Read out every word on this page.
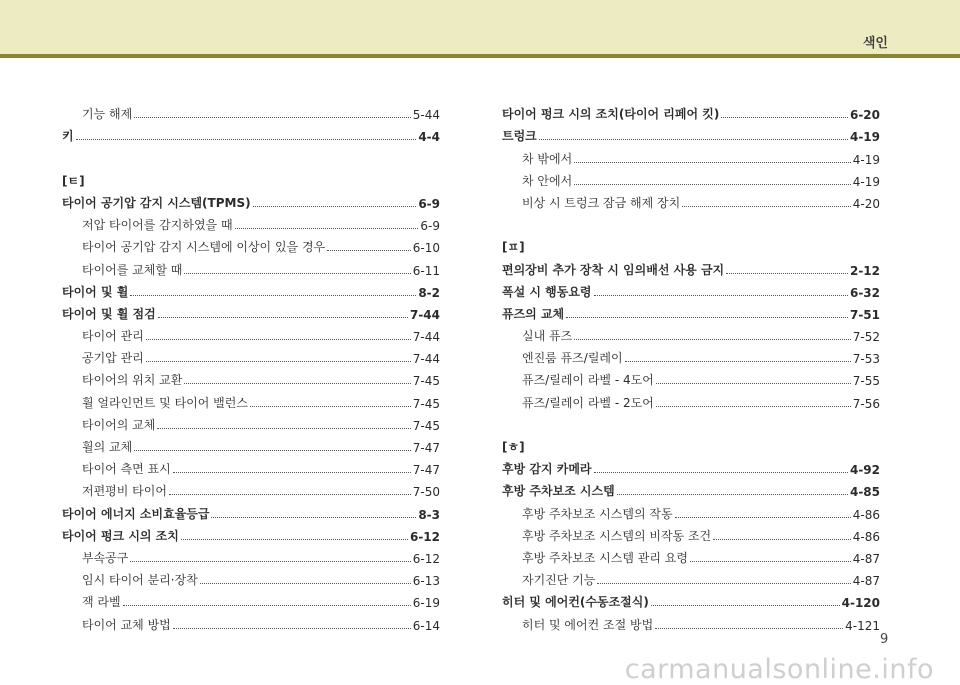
색인
기능 해제	5-44
키	4-4
[ㅌ]
타이어 공기압 감지 시스템(TPMS)	6-9
저압 타이어를 감지하였을 때	6-9
타이어 공기압 감지 시스템에 이상이 있을 경우	6-10
타이어를 교체할 때	6-11
타이어 및 휠	8-2
타이어 및 휠 점검	7-44
타이어 관리	7-44
공기압 관리	7-44
타이어의 위치 교환	7-45
휠 얼라인먼트 및 타이어 밸런스	7-45
타이어의 교체	7-45
휠의 교체	7-47
타이어 측면 표시	7-47
저편평비 타이어	7-50
타이어 에너지 소비효율등급	8-3
타이어 펑크 시의 조치	6-12
부속공구	6-12
임시 타이어 분리·장착	6-13
잭 라벨	6-19
타이어 교체 방법	6-14
타이어 펑크 시의 조치(타이어 리페어 킷)	6-20
트렁크	4-19
차 밖에서	4-19
차 안에서	4-19
비상 시 트렁크 잠금 해제 장치	4-20
[ㅍ]
편의장비 추가 장착 시 임의배선 사용 금지	2-12
폭설 시 행동요령	6-32
퓨즈의 교체	7-51
실내 퓨즈	7-52
엔진룸 퓨즈/릴레이	7-53
퓨즈/릴레이 라벨 - 4도어	7-55
퓨즈/릴레이 라벨 - 2도어	7-56
[ㅎ]
후방 감지 카메라	4-92
후방 주차보조 시스템	4-85
후방 주차보조 시스템의 작동	4-86
후방 주차보조 시스템의 비작동 조건	4-86
후방 주차보조 시스템 관리 요령	4-87
자기진단 기능	4-87
히터 및 에어컨(수동조절식)	4-120
히터 및 에어컨 조절 방법	4-121
9
carmanualsonline.info
